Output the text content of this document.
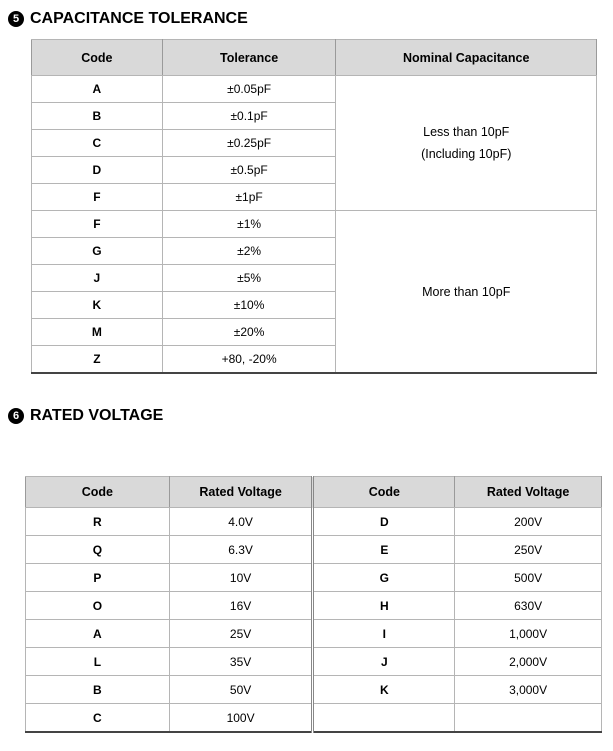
5 CAPACITANCE TOLERANCE
Code	Tolerance	Nominal Capacitance
A	±0.05pF	Less than 10pF
(Including 10pF)
B	±0.1pF	
C	±0.25pF	
D	±0.5pF	
F	±1pF	
F	±1%	More than 10pF
G	±2%	
J	±5%	
K	±10%	
M	±20%	
Z	+80, -20%	
6 RATED VOLTAGE
Code	Rated Voltage	Code	Rated Voltage
R	4.0V	D	200V
Q	6.3V	E	250V
P	10V	G	500V
O	16V	H	630V
A	25V	I	1,000V
L	35V	J	2,000V
B	50V	K	3,000V
C	100V		
